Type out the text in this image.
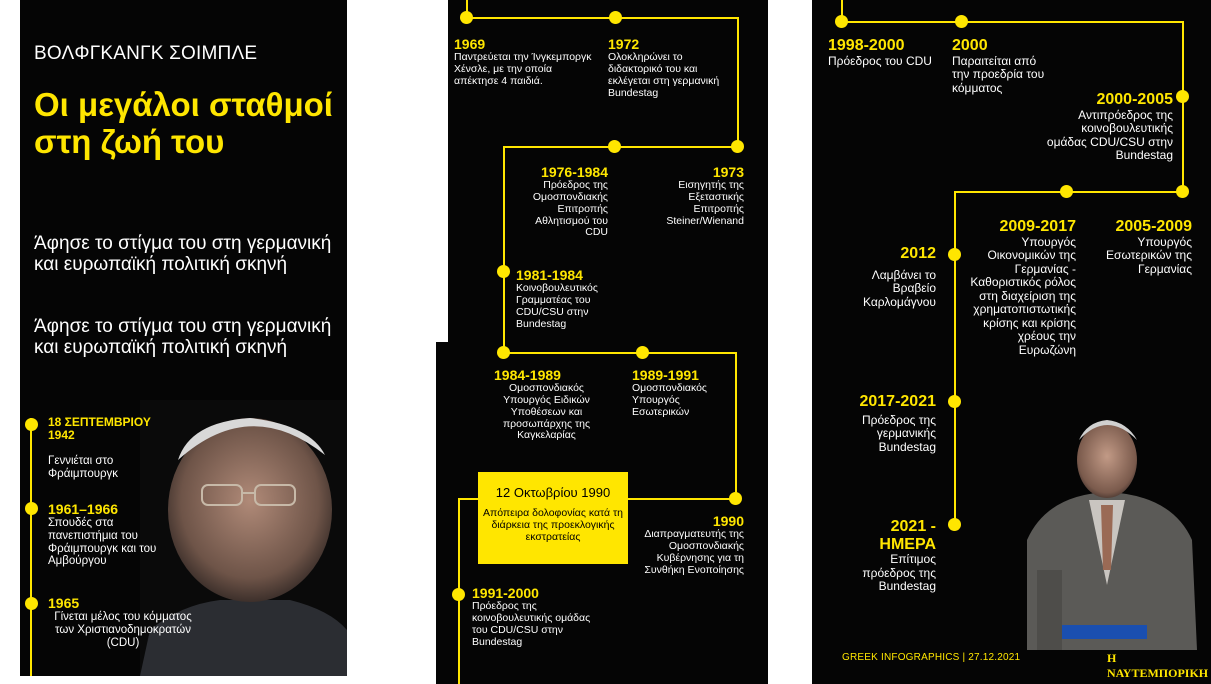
ΒΟΛΦΓΚΑΝΓΚ ΣΟΙΜΠΛΕ
Οι μεγάλοι σταθμοί στη ζωή του
Άφησε το στίγμα του στη γερμανική και ευρωπαϊκή πολιτική σκηνή
Άφησε το στίγμα του στη γερμανική και ευρωπαϊκή πολιτική σκηνή
18 ΣΕΠΤΕΜΒΡΙΟΥ 1942
Γεννιέται στο Φράιμπουργκ
1961–1966
Σπουδές στα πανεπιστήμια του Φράιμπουργκ και του Αμβούργου
1965
Γίνεται μέλος του κόμματος των Χριστιανοδημοκρατών (CDU)
1969
Παντρεύεται την Ίνγκεμποργκ Χένσλε, με την οποία απέκτησε 4 παιδιά.
1972
Ολοκληρώνει το διδακτορικό του και εκλέγεται στη γερμανική Bundestag
1976-1984
Πρόεδρος της Ομοσπονδιακής Επιτροπής Αθλητισμού του CDU
1973
Εισηγητής της Εξεταστικής Επιτροπής Steiner/Wienand
1981-1984
Κοινοβουλευτικός Γραμματέας του CDU/CSU στην Bundestag
1984-1989
Ομοσπονδιακός Υπουργός Ειδικών Υποθέσεων και προσωπάρχης της Καγκελαρίας
1989-1991
Ομοσπονδιακός Υπουργός Εσωτερικών
12 Οκτωβρίου 1990
Απόπειρα δολοφονίας κατά τη διάρκεια της προεκλογικής εκστρατείας
1990
Διαπραγματευτής της Ομοσπονδιακής Κυβέρνησης για τη Συνθήκη Ενοποίησης
1991-2000
Πρόεδρος της κοινοβουλευτικής ομάδας του CDU/CSU στην Bundestag
1998-2000
Πρόεδρος του CDU
2000
Παραιτείται από την προεδρία του κόμματος
2000-2005
Αντιπρόεδρος της κοινοβουλευτικής ομάδας CDU/CSU στην Bundestag
2012
Λαμβάνει το Βραβείο Καρλομάγνου
2009-2017
Υπουργός Οικονομικών της Γερμανίας - Καθοριστικός ρόλος στη διαχείριση της χρηματοπιστωτικής κρίσης και κρίσης χρέους την Ευρωζώνη
2005-2009
Υπουργός Εσωτερικών της Γερμανίας
2017-2021
Πρόεδρος της γερμανικής Bundestag
2021 - ΗΜΕΡΑ
Επίτιμος πρόεδρος της Bundestag
GREEK INFOGRAPHICS | 27.12.2021	Η ΝΑΥΤΕΜΠΟΡΙΚΗ
